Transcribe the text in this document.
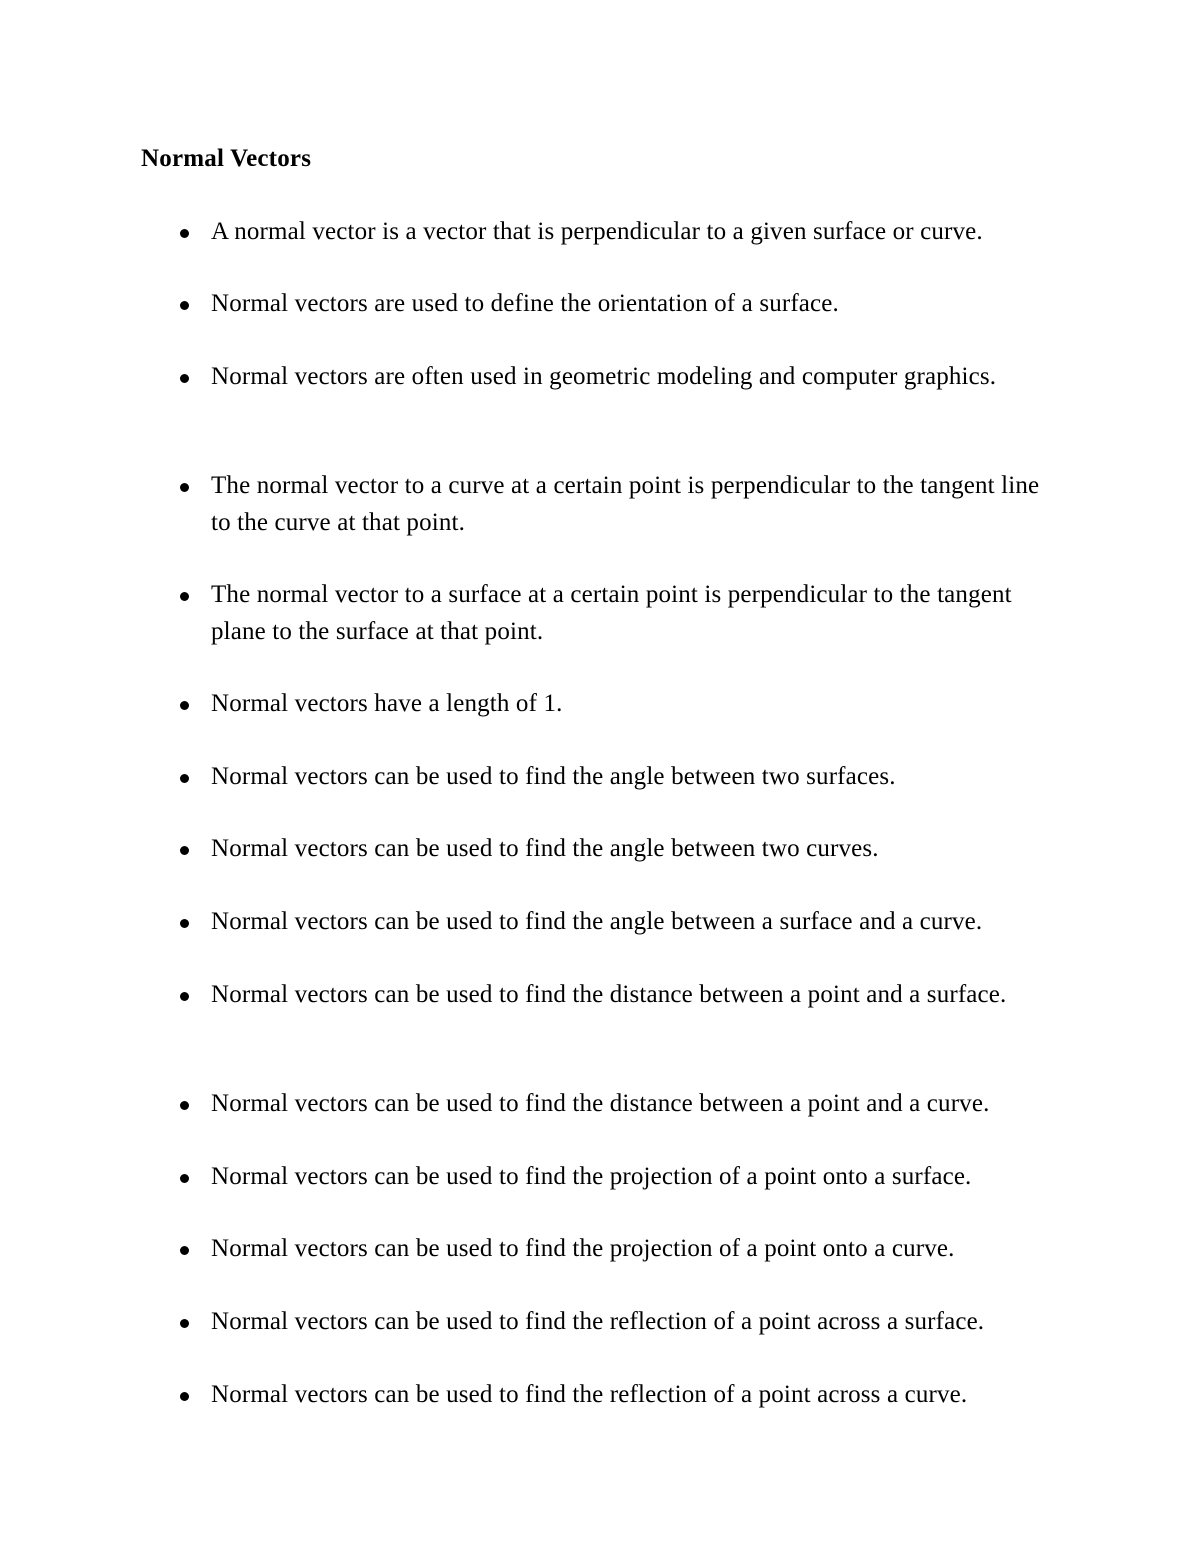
Normal Vectors
A normal vector is a vector that is perpendicular to a given surface or curve.
Normal vectors are used to define the orientation of a surface.
Normal vectors are often used in geometric modeling and computer graphics.
The normal vector to a curve at a certain point is perpendicular to the tangent line to the curve at that point.
The normal vector to a surface at a certain point is perpendicular to the tangent plane to the surface at that point.
Normal vectors have a length of 1.
Normal vectors can be used to find the angle between two surfaces.
Normal vectors can be used to find the angle between two curves.
Normal vectors can be used to find the angle between a surface and a curve.
Normal vectors can be used to find the distance between a point and a surface.
Normal vectors can be used to find the distance between a point and a curve.
Normal vectors can be used to find the projection of a point onto a surface.
Normal vectors can be used to find the projection of a point onto a curve.
Normal vectors can be used to find the reflection of a point across a surface.
Normal vectors can be used to find the reflection of a point across a curve.
